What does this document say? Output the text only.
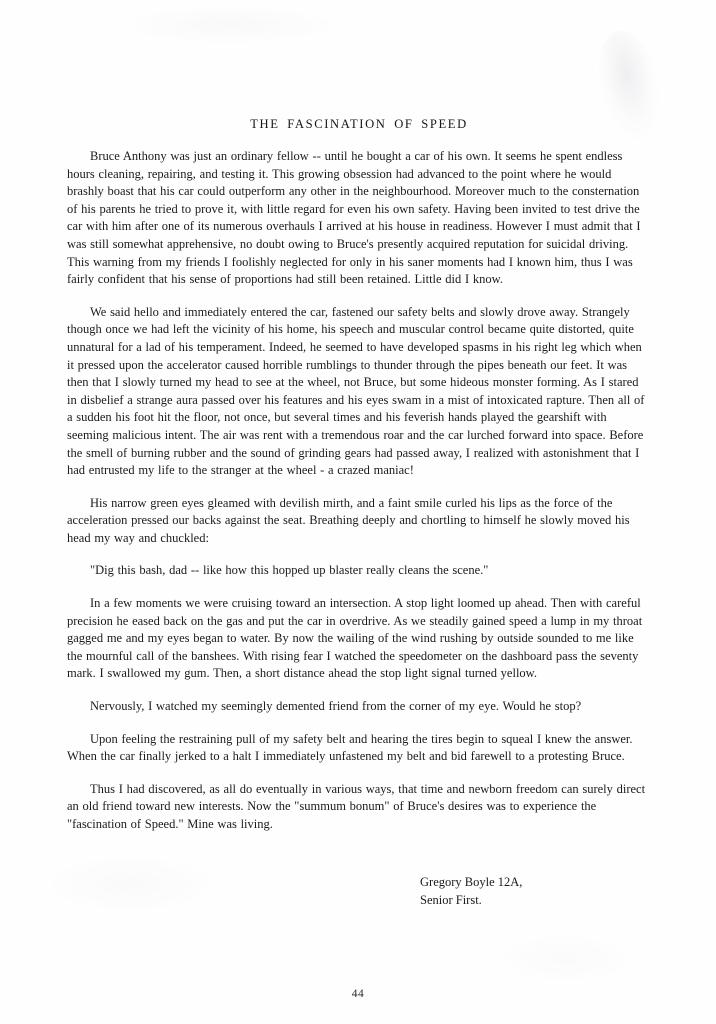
THE FASCINATION OF SPEED

Bruce Anthony was just an ordinary fellow -- until he bought a car of his own. It seems he spent endless hours cleaning, repairing, and testing it. This growing obsession had advanced to the point where he would brashly boast that his car could outperform any other in the neighbourhood. Moreover much to the consternation of his parents he tried to prove it, with little regard for even his own safety. Having been invited to test drive the car with him after one of its numerous overhauls I arrived at his house in readiness. However I must admit that I was still somewhat apprehensive, no doubt owing to Bruce's presently acquired reputation for suicidal driving. This warning from my friends I foolishly neglected for only in his saner moments had I known him, thus I was fairly confident that his sense of proportions had still been retained. Little did I know.

We said hello and immediately entered the car, fastened our safety belts and slowly drove away. Strangely though once we had left the vicinity of his home, his speech and muscular control became quite distorted, quite unnatural for a lad of his temperament. Indeed, he seemed to have developed spasms in his right leg which when it pressed upon the accelerator caused horrible rumblings to thunder through the pipes beneath our feet. It was then that I slowly turned my head to see at the wheel, not Bruce, but some hideous monster forming. As I stared in disbelief a strange aura passed over his features and his eyes swam in a mist of intoxicated rapture. Then all of a sudden his foot hit the floor, not once, but several times and his feverish hands played the gearshift with seeming malicious intent. The air was rent with a tremendous roar and the car lurched forward into space. Before the smell of burning rubber and the sound of grinding gears had passed away, I realized with astonishment that I had entrusted my life to the stranger at the wheel - a crazed maniac!

His narrow green eyes gleamed with devilish mirth, and a faint smile curled his lips as the force of the acceleration pressed our backs against the seat. Breathing deeply and chortling to himself he slowly moved his head my way and chuckled:

"Dig this bash, dad -- like how this hopped up blaster really cleans the scene."

In a few moments we were cruising toward an intersection. A stop light loomed up ahead. Then with careful precision he eased back on the gas and put the car in overdrive. As we steadily gained speed a lump in my throat gagged me and my eyes began to water. By now the wailing of the wind rushing by outside sounded to me like the mournful call of the banshees. With rising fear I watched the speedometer on the dashboard pass the seventy mark. I swallowed my gum. Then, a short distance ahead the stop light signal turned yellow.

Nervously, I watched my seemingly demented friend from the corner of my eye. Would he stop?

Upon feeling the restraining pull of my safety belt and hearing the tires begin to squeal I knew the answer. When the car finally jerked to a halt I immediately unfastened my belt and bid farewell to a protesting Bruce.

Thus I had discovered, as all do eventually in various ways, that time and newborn freedom can surely direct an old friend toward new interests. Now the "summum bonum" of Bruce's desires was to experience the "fascination of Speed." Mine was living.

Gregory Boyle 12A,
Senior First.
44
